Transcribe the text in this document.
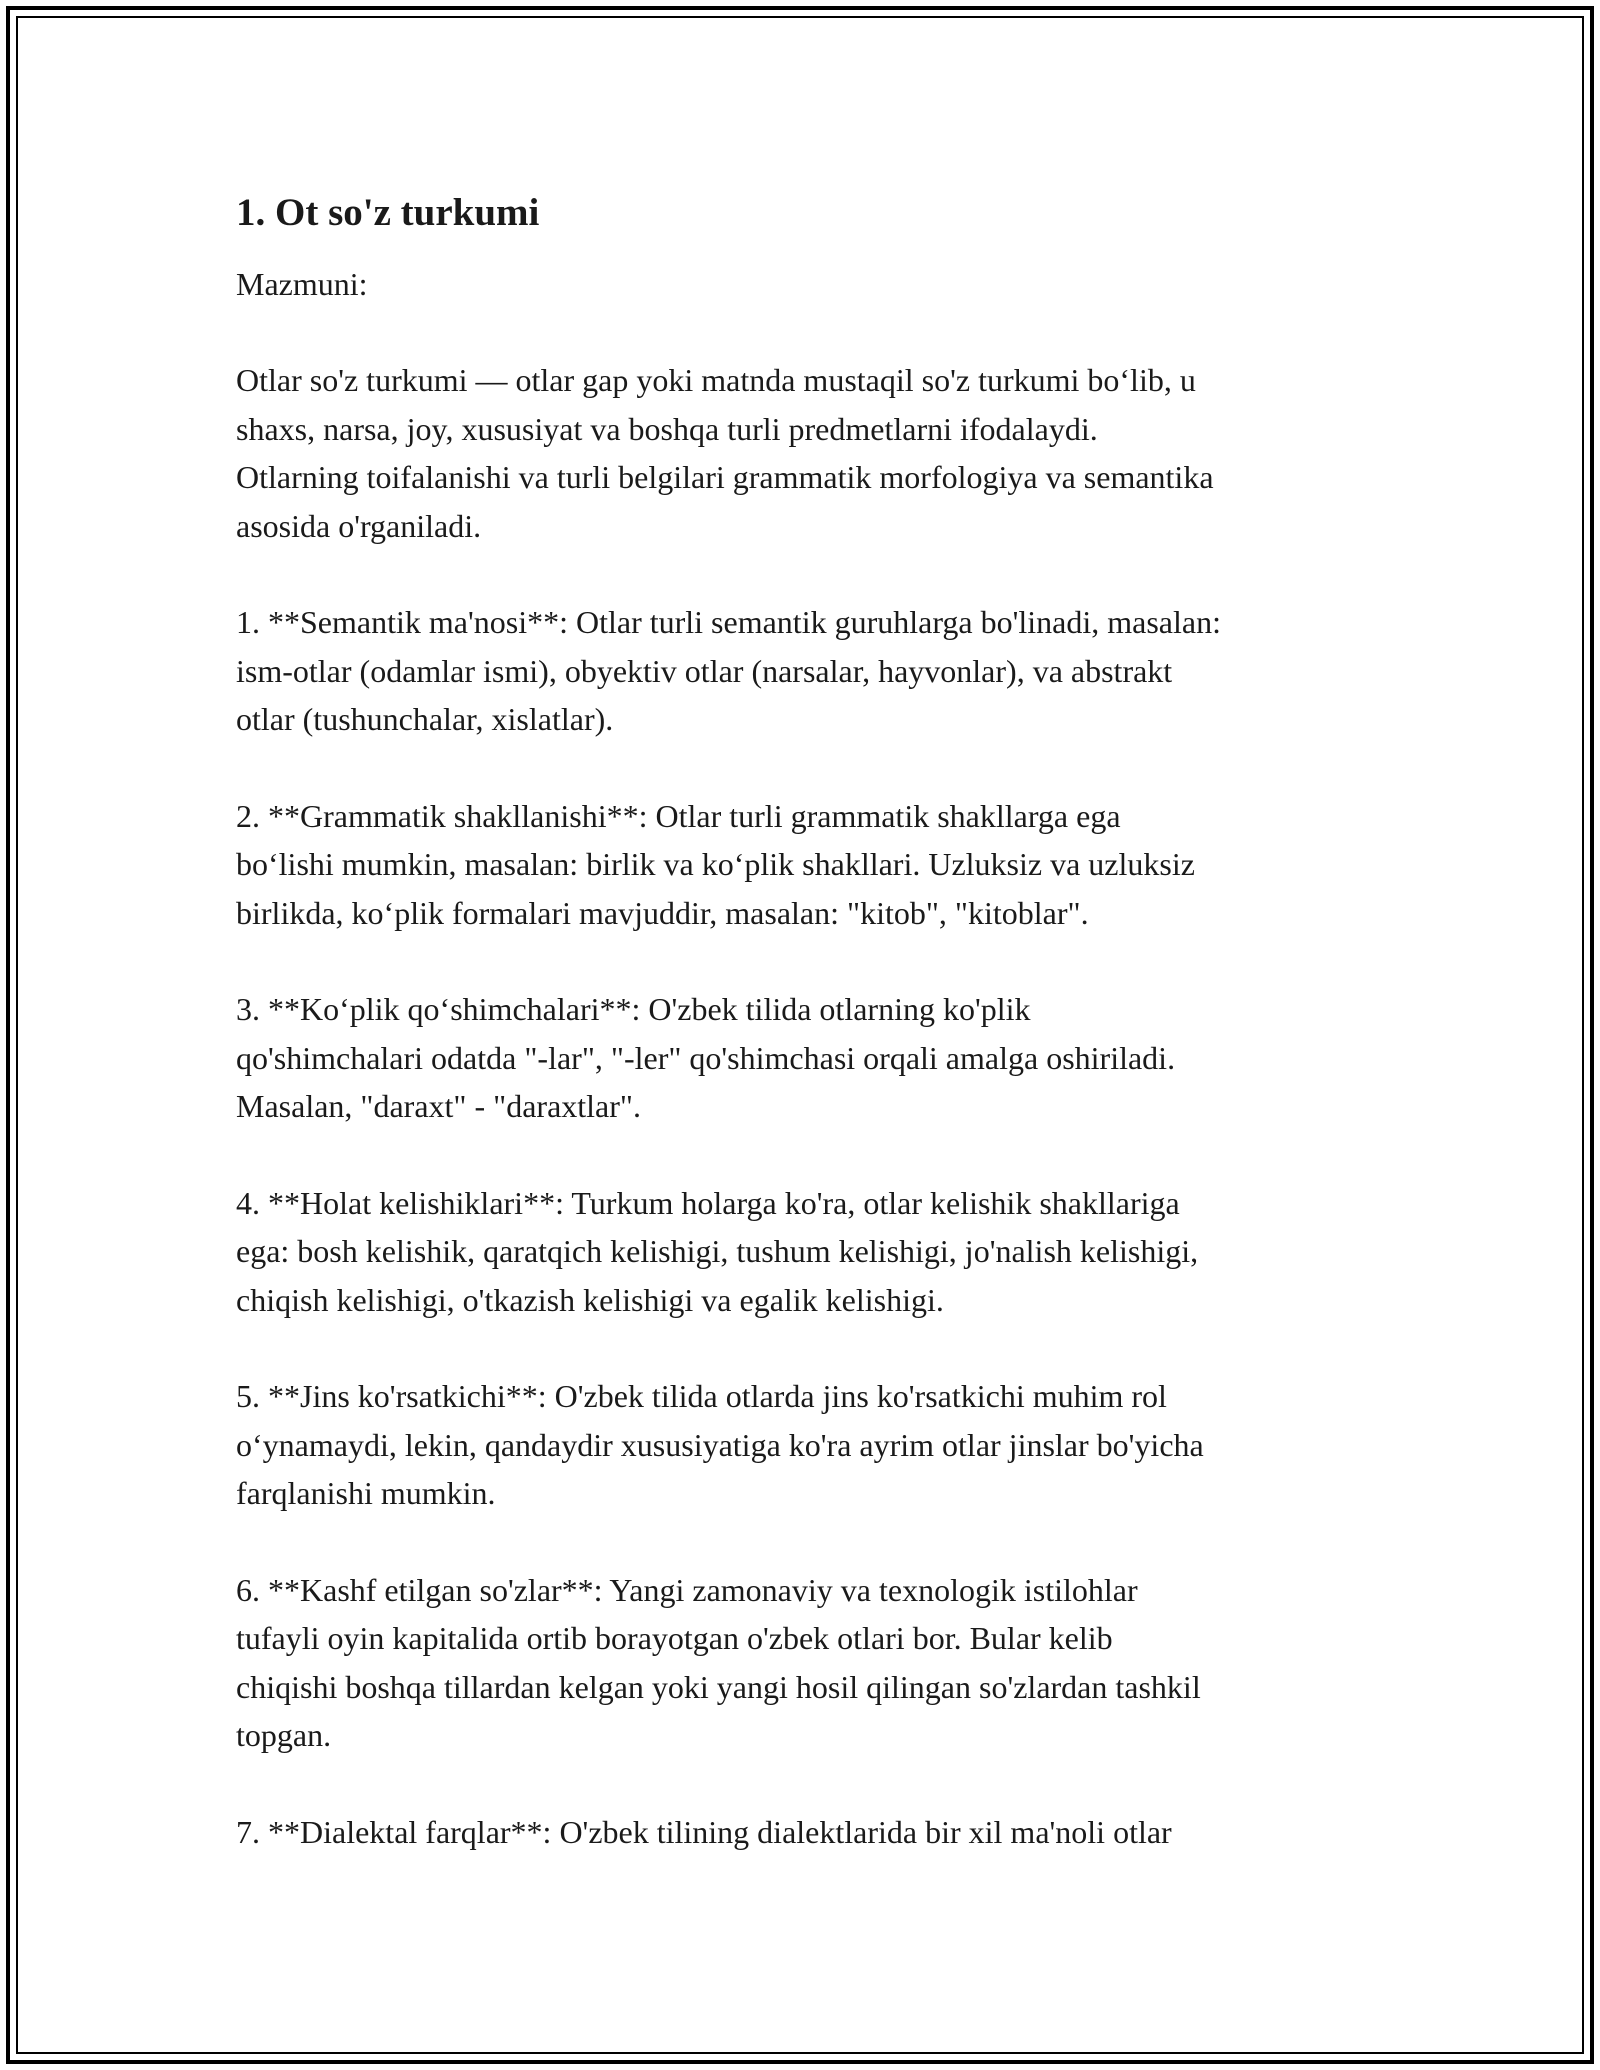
1. Ot so'z turkumi

Mazmuni:

Otlar so'z turkumi — otlar gap yoki matnda mustaqil so'z turkumi bo‘lib, u
shaxs, narsa, joy, xususiyat va boshqa turli predmetlarni ifodalaydi.
Otlarning toifalanishi va turli belgilari grammatik morfologiya va semantika
asosida o'rganiladi.

1. **Semantik ma'nosi**: Otlar turli semantik guruhlarga bo'linadi, masalan:
ism-otlar (odamlar ismi), obyektiv otlar (narsalar, hayvonlar), va abstrakt
otlar (tushunchalar, xislatlar).

2. **Grammatik shakllanishi**: Otlar turli grammatik shakllarga ega
bo‘lishi mumkin, masalan: birlik va ko‘plik shakllari. Uzluksiz va uzluksiz
birlikda, ko‘plik formalari mavjuddir, masalan: "kitob", "kitoblar".

3. **Ko‘plik qo‘shimchalari**: O'zbek tilida otlarning ko'plik
qo'shimchalari odatda "-lar", "-ler" qo'shimchasi orqali amalga oshiriladi.
Masalan, "daraxt" - "daraxtlar".

4. **Holat kelishiklari**: Turkum holarga ko'ra, otlar kelishik shakllariga
ega: bosh kelishik, qaratqich kelishigi, tushum kelishigi, jo'nalish kelishigi,
chiqish kelishigi, o'tkazish kelishigi va egalik kelishigi.

5. **Jins ko'rsatkichi**: O'zbek tilida otlarda jins ko'rsatkichi muhim rol
o‘ynamaydi, lekin, qandaydir xususiyatiga ko'ra ayrim otlar jinslar bo'yicha
farqlanishi mumkin.

6. **Kashf etilgan so'zlar**: Yangi zamonaviy va texnologik istilohlar
tufayli oyin kapitalida ortib borayotgan o'zbek otlari bor. Bular kelib
chiqishi boshqa tillardan kelgan yoki yangi hosil qilingan so'zlardan tashkil
topgan.

7. **Dialektal farqlar**: O'zbek tilining dialektlarida bir xil ma'noli otlar
